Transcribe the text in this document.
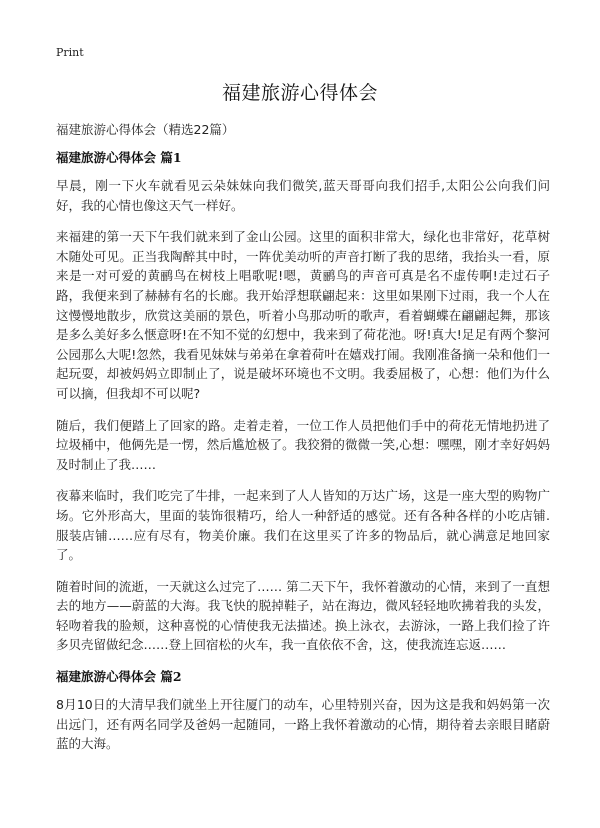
Print
福建旅游心得体会

福建旅游心得体会（精选22篇）

福建旅游心得体会 篇1

早晨，刚一下火车就看见云朵妹妹向我们微笑,蓝天哥哥向我们招手,太阳公公向我们问好，我的心情也像这天气一样好。

来福建的第一天下午我们就来到了金山公园。这里的面积非常大，绿化也非常好，花草树木随处可见。正当我陶醉其中时，一阵优美动听的声音打断了我的思绪，我抬头一看，原来是一对可爱的黄鹂鸟在树枝上唱歌呢!嗯，黄鹂鸟的声音可真是名不虚传啊!走过石子路，我便来到了赫赫有名的长廊。我开始浮想联翩起来：这里如果刚下过雨，我一个人在这慢慢地散步，欣赏这美丽的景色，听着小鸟那动听的歌声，看着蝴蝶在翩翩起舞，那该是多么美好多么惬意呀!在不知不觉的幻想中，我来到了荷花池。呀!真大!足足有两个黎河公园那么大呢!忽然，我看见妹妹与弟弟在拿着荷叶在嬉戏打闹。我刚准备摘一朵和他们一起玩耍，却被妈妈立即制止了，说是破坏环境也不文明。我委屈极了，心想：他们为什么可以摘，但我却不可以呢?

随后，我们便踏上了回家的路。走着走着，一位工作人员把他们手中的荷花无情地扔进了垃圾桶中，他俩先是一愣，然后尴尬极了。我狡猾的微微一笑,心想：嘿嘿，刚才幸好妈妈及时制止了我……

夜幕来临时，我们吃完了牛排，一起来到了人人皆知的万达广场，这是一座大型的购物广场。它外形高大，里面的装饰很精巧，给人一种舒适的感觉。还有各种各样的小吃店铺. 服装店铺……应有尽有，物美价廉。我们在这里买了许多的物品后，就心满意足地回家了。

随着时间的流逝，一天就这么过完了…… 第二天下午，我怀着激动的心情，来到了一直想去的地方——蔚蓝的大海。我飞快的脱掉鞋子，站在海边，微风轻轻地吹拂着我的头发，轻吻着我的脸颊，这种喜悦的心情使我无法描述。换上泳衣，去游泳，一路上我们捡了许多贝壳留做纪念……登上回宿松的火车，我一直依依不舍，这，使我流连忘返……

福建旅游心得体会 篇2

8月10日的大清早我们就坐上开往厦门的动车，心里特别兴奋，因为这是我和妈妈第一次出远门，还有两名同学及爸妈一起随同，一路上我怀着激动的心情，期待着去亲眼目睹蔚蓝的大海。
